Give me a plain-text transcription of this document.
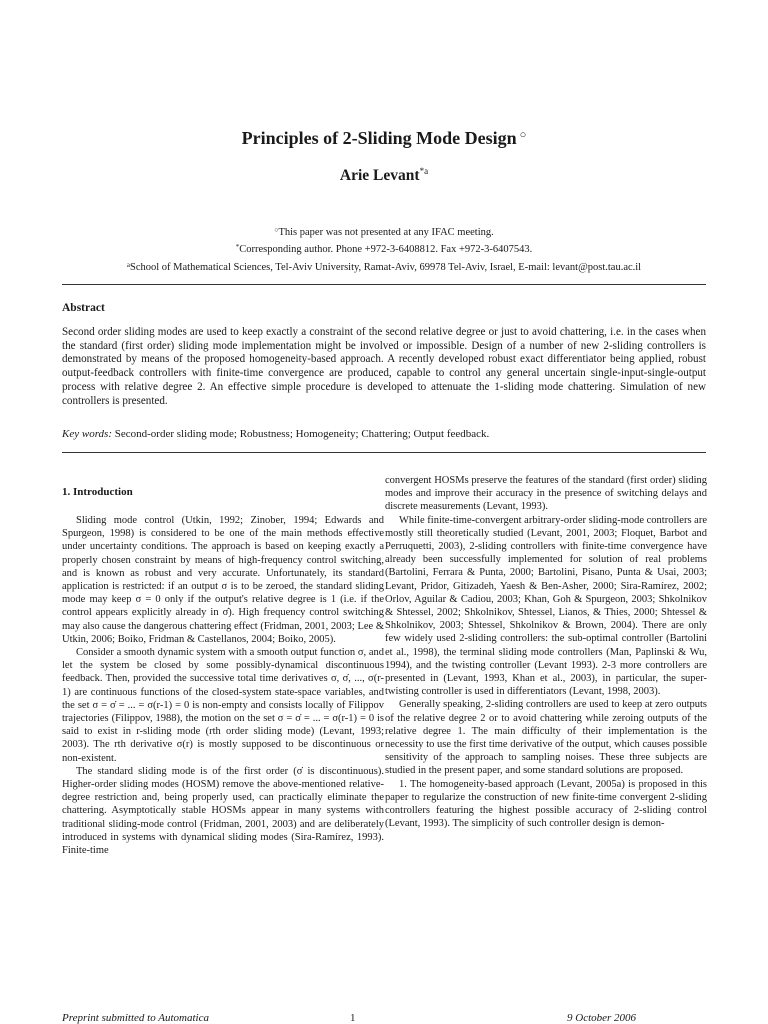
Principles of 2-Sliding Mode Design ○
Arie Levant$^{*a}$
○This paper was not presented at any IFAC meeting.
*Corresponding author. Phone +972-3-6408812. Fax +972-3-6407543.
$^a$School of Mathematical Sciences, Tel-Aviv University, Ramat-Aviv, 69978 Tel-Aviv, Israel, E-mail: levant@post.tau.ac.il
Abstract
Second order sliding modes are used to keep exactly a constraint of the second relative degree or just to avoid chattering, i.e. in the cases when the standard (first order) sliding mode implementation might be involved or impossible. Design of a number of new 2-sliding controllers is demonstrated by means of the proposed homogeneity-based approach. A recently developed robust exact differentiator being applied, robust output-feedback controllers with finite-time convergence are produced, capable to control any general uncertain single-input-single-output process with relative degree 2. An effective simple procedure is developed to attenuate the 1-sliding mode chattering. Simulation of new controllers is presented.
Key words: Second-order sliding mode; Robustness; Homogeneity; Chattering; Output feedback.
1. Introduction

Sliding mode control (Utkin, 1992; Zinober, 1994; Edwards and Spurgeon, 1998) is considered to be one of the main methods effective under uncertainty conditions. The approach is based on keeping exactly a properly chosen constraint by means of high-frequency control switching, and is known as robust and very accurate. Unfortunately, its standard application is restricted: if an output σ is to be zeroed, the standard sliding mode may keep σ = 0 only if the output's relative degree is 1 (i.e. if the control appears explicitly already in σ̇). High frequency control switching may also cause the dangerous chattering effect (Fridman, 2001, 2003; Lee & Utkin, 2006; Boiko, Fridman & Castellanos, 2004; Boiko, 2005).

Consider a smooth dynamic system with a smooth output function σ, and let the system be closed by some possibly-dynamical discontinuous feedback. Then, provided the successive total time derivatives σ, σ̇, ..., σ(r-1) are continuous functions of the closed-system state-space variables, and the set σ = σ̇ = ... = σ(r-1) = 0 is non-empty and consists locally of Filippov trajectories (Filippov, 1988), the motion on the set σ = σ̇ = ... = σ(r-1) = 0 is said to exist in r-sliding mode (rth order sliding mode) (Levant, 1993; 2003). The rth derivative σ(r) is mostly supposed to be discontinuous or non-existent.

The standard sliding mode is of the first order (σ̇ is discontinuous). Higher-order sliding modes (HOSM) remove the above-mentioned relative-degree restriction and, being properly used, can practically eliminate the chattering. Asymptotically stable HOSMs appear in many systems with traditional sliding-mode control (Fridman, 2001, 2003) and are deliberately introduced in systems with dynamical sliding modes (Sira-Ramírez, 1993). Finite-time

convergent HOSMs preserve the features of the standard (first order) sliding modes and improve their accuracy in the presence of switching delays and discrete measurements (Levant, 1993).

While finite-time-convergent arbitrary-order sliding-mode controllers are mostly still theoretically studied (Levant, 2001, 2003; Floquet, Barbot and Perruquetti, 2003), 2-sliding controllers with finite-time convergence have already been successfully implemented for solution of real problems (Bartolini, Ferrara & Punta, 2000; Bartolini, Pisano, Punta & Usai, 2003; Levant, Pridor, Gitizadeh, Yaesh & Ben-Asher, 2000; Sira-Ramírez, 2002; Orlov, Aguilar & Cadiou, 2003; Khan, Goh & Spurgeon, 2003; Shkolnikov & Shtessel, 2002; Shkolnikov, Shtessel, Lianos, & Thies, 2000; Shtessel & Shkolnikov, 2003; Shtessel, Shkolnikov & Brown, 2004). There are only few widely used 2-sliding controllers: the sub-optimal controller (Bartolini et al., 1998), the terminal sliding mode controllers (Man, Paplinski & Wu, 1994), and the twisting controller (Levant 1993). 2-3 more controllers are presented in (Levant, 1993, Khan et al., 2003), in particular, the super-twisting controller is used in differentiators (Levant, 1998, 2003).

Generally speaking, 2-sliding controllers are used to keep at zero outputs of the relative degree 2 or to avoid chattering while zeroing outputs of the relative degree 1. The main difficulty of their implementation is the necessity to use the first time derivative of the output, which causes possible sensitivity of the approach to sampling noises. These three subjects are studied in the present paper, and some standard solutions are proposed.

1. The homogeneity-based approach (Levant, 2005a) is proposed in this paper to regularize the construction of new finite-time convergent 2-sliding controllers featuring the highest possible accuracy of 2-sliding control (Levant, 1993). The simplicity of such controller design is demon-

Preprint submitted to Automatica	1	9 October 2006
